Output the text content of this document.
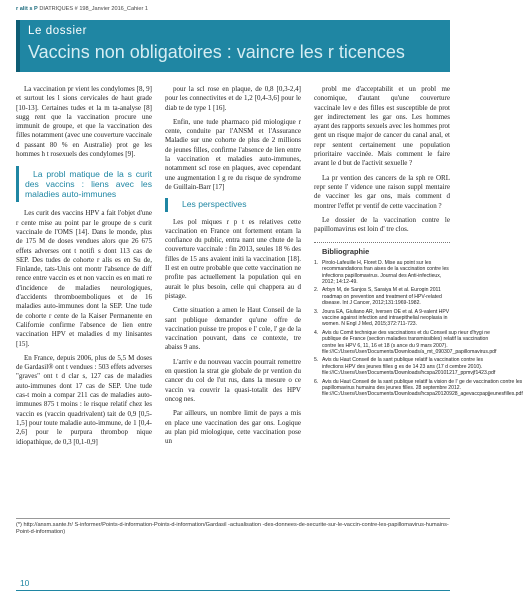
r alit s P DIATRIQUES # 198_Janvier 2016_Cahier 1
Le dossier
Vaccins non obligatoires : vaincre les r ticences

La vaccination pr vient les condylomes [8, 9] et surtout les l sions cervicales de haut grade [10-13]. Certaines tudes et la m ta-analyse [8] sugg rent que la vaccination procure une immunit de groupe, et que la vaccination des filles notamment (avec une couverture vaccinale d passant 80 % en Australie) prot ge les hommes h t rosexuels des condylomes [9].

La probl matique de la s curit des vaccins : liens avec les maladies auto-immunes

Les curit des vaccins HPV a fait l'objet d'une r cente mise au point par le groupe de s curit vaccinale de l'OMS [14]. Dans le monde, plus de 175 M de doses vendues alors que 26 675 effets adverses ont t notifi s dont 113 cas de SEP. Des tudes de cohorte r alis es en Su de, Finlande, tats-Unis ont montr l'absence de diff rence entre vaccin es et non vaccin es en mati re d'incidence de maladies neurologiques, d'accidents thromboemboliques et de 16 maladies auto-immunes dont la SEP. Une tude de cohorte r cente de la Kaiser Permanente en Californie confirme l'absence de lien entre vaccination HPV et maladies d my linisantes [15].

En France, depuis 2006, plus de 5,5 M doses de Gardasil® ont t vendues : 503 effets adverses "graves" ont t d clar s, 127 cas de maladies auto-immunes dont 17 cas de SEP. Une tude cas-t moin a compar 211 cas de maladies auto-immunes 875 t moins : le risque relatif chez les vaccin es (vaccin quadrivalent) tait de 0,9 [0,5-1,5] pour toute maladie auto-immune, de 1 [0,4-2,6] pour le purpura thrombop nique idiopathique, de 0,3 [0,1-0,9]

pour la scl rose en plaque, de 0,8 [0,3-2,4] pour les connectivites et de 1,2 [0,4-3,6] pour le diab te de type 1 [16].

Enfin, une tude pharmaco pid miologique r cente, conduite par l'ANSM et l'Assurance Maladie sur une cohorte de plus de 2 millions de jeunes filles, confirme l'absence de lien entre la vaccination et maladies auto-immunes, notamment scl rose en plaques, avec cependant une augmentation l g re du risque de syndrome de Guillain-Barr [17]

Les perspectives

Les pol miques r p t es relatives cette vaccination en France ont fortement entam la confiance du public, entra nant une chute de la couverture vaccinale : fin 2013, seules 18 % des filles de 15 ans avaient initi la vaccination [18]. Il est en outre probable que cette vaccination ne profite pas actuellement la population qui en aurait le plus besoin, celle qui chappera au d pistage.

Cette situation a amen le Haut Conseil de la sant publique demander qu'une offre de vaccination puisse tre propos e l' cole, l' ge de la vaccination pouvant, dans ce contexte, tre abaiss 9 ans.

L'arriv e du nouveau vaccin pourrait remettre en question la strat gie globale de pr vention du cancer du col de l'ut rus, dans la mesure o ce vaccin va couvrir la quasi-totalit des HPV oncog nes.

Par ailleurs, un nombre limit de pays a mis en place une vaccination des gar ons. Logique au plan pid miologique, cette vaccination pose un

probl me d'acceptabilit et un probl me conomique, d'autant qu'une couverture vaccinale lev e des filles est susceptible de prot ger indirectement les gar ons. Les hommes ayant des rapports sexuels avec les hommes prot gent un risque major de cancer du canal anal, et repr sentent certainement une population prioritaire vaccinée. Mais comment le faire avant le d but de l'activit sexuelle ?

La pr vention des cancers de la sph re ORL repr sente l' vidence une raison suppl mentaire de vacciner les gar ons, mais comment d montrer l'effet pr ventif de cette vaccination ?

Le dossier de la vaccination contre le papillomavirus est loin d' tre clos.

Bibliographie

1. Pirolo-Lafeuille H, Floret D. Mise au point sur les recommandations fran aises de la vaccination contre les infections papillomavirus. Journal des Anti-infectieux, 2012; 14:12-49.
2. Arbyn M, de Sanjos S, Saraiya M et al. Eurogin 2011 roadmap on prevention and treatment of HPV-related disease. Int J Cancer, 2012;131:1969-1982.
3. Joura EA, Giuliano AR, Iversen OE et al. A 9-valent HPV vaccine against infection and intraepithelial neoplasia in women. N Engl J Med, 2015;372:711-723.
4. Avis du Comit technique des vaccinations et du Conseil sup rieur d'hygi ne publique de France (section maladies transmissibles) relatif la vaccination contre les HPV 6, 11, 16 et 18 (s ance du 9 mars 2007). file:///C:/Users/User/Documents/Downloads/a_mt_090307_papillomavirus.pdf
5. Avis du Haut Conseil de la sant publique relatif la vaccination contre les infections HPV des jeunes filles g es de 14 23 ans (17 d cembre 2010). file:///C:/Users/User/Documents/Downloads/hcspa20101217_ppmvjf1423.pdf
6. Avis du Haut Conseil de la sant publique relatif la vision de l' ge de vaccination contre les papillomavirus humains des jeunes filles. 28 septembre 2012. file:///C:/Users/User/Documents/Downloads/hcspa20120928_agevaccpapjjeunesfilles.pdf
(*) http://ansm.sante.fr/ S-informer/Points-d-information-Points-d-information/Gardasil -actualisation -des-donnees-de-securite-sur-le-vaccin-contre-les-papillomavirus-humains-Point-d-information)
10
